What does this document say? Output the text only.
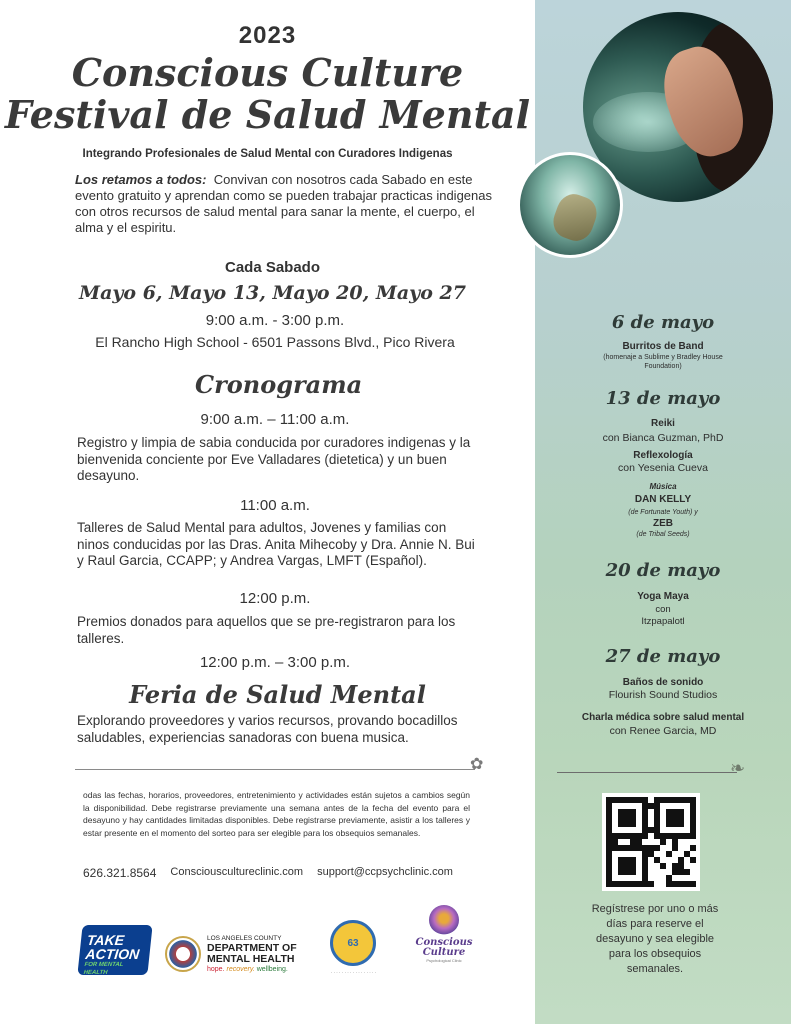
2023
Conscious Culture
Festival de Salud Mental
Integrando Profesionales de Salud Mental con Curadores Indigenas
Los retamos a todos: Convivan con nosotros cada Sabado en este evento gratuito y aprendan como se pueden trabajar practicas indigenas con otros recursos de salud mental para sanar la mente, el cuerpo, el alma y el espiritu.
Cada Sabado
Mayo 6, Mayo 13, Mayo 20, Mayo 27
9:00 a.m. - 3:00 p.m.
El Rancho High School - 6501 Passons Blvd., Pico Rivera
Cronograma
9:00 a.m. – 11:00 a.m.
Registro y limpia de sabia conducida por curadores indigenas y la bienvenida conciente por Eve Valladares (dietetica) y un buen desayuno.
11:00 a.m.
Talleres de Salud Mental para adultos, Jovenes y familias con ninos conducidas por las Dras. Anita Mihecoby y Dra. Annie N. Bui y Raul Garcia, CCAPP; y Andrea Vargas, LMFT (Español).
12:00 p.m.
Premios donados para aquellos que se pre-registraron para los talleres.
12:00 p.m. – 3:00 p.m.
Feria de Salud Mental
Explorando proveedores y varios recursos, provando bocadillos saludables, experiencias sanadoras con buena musica.
✿
odas las fechas, horarios, proveedores, entretenimiento y actividades están sujetos a cambios según la disponibilidad. Debe registrarse previamente una semana antes de la fecha del evento para el desayuno y hay cantidades limitadas disponibles. Debe registrarse previamente, asistir a los talleres y estar presente en el momento del sorteo para ser elegible para los obsequios semanales.
626.321.8564 Consciousculturecliniс.com support@ccpsychclinic.com
TAKE ACTION
FOR MENTAL HEALTH
LOS ANGELES COUNTY
DEPARTMENT OF
MENTAL HEALTH
hope. recovery. wellbeing.
63
· · · · · · · · · · · · · · · · ·
Conscious Culture
Psychological Clinic
6 de mayo
Burritos de Band
(homenaje a Sublime y Bradley House Foundation)
13 de mayo
Reiki
con Bianca Guzman, PhD
Reflexología
con Yesenia Cueva
Música
DAN KELLY
(de Fortunate Youth) y
ZEB
(de Tribal Seeds)
20 de mayo
Yoga Maya
con
Itzpapalotl
27 de mayo
Baños de sonido
Flourish Sound Studios
Charla médica sobre salud mental
con Renee Garcia, MD
❧
Regístrese por uno o más días para reserve el desayuno y sea elegible para los obsequios semanales.
